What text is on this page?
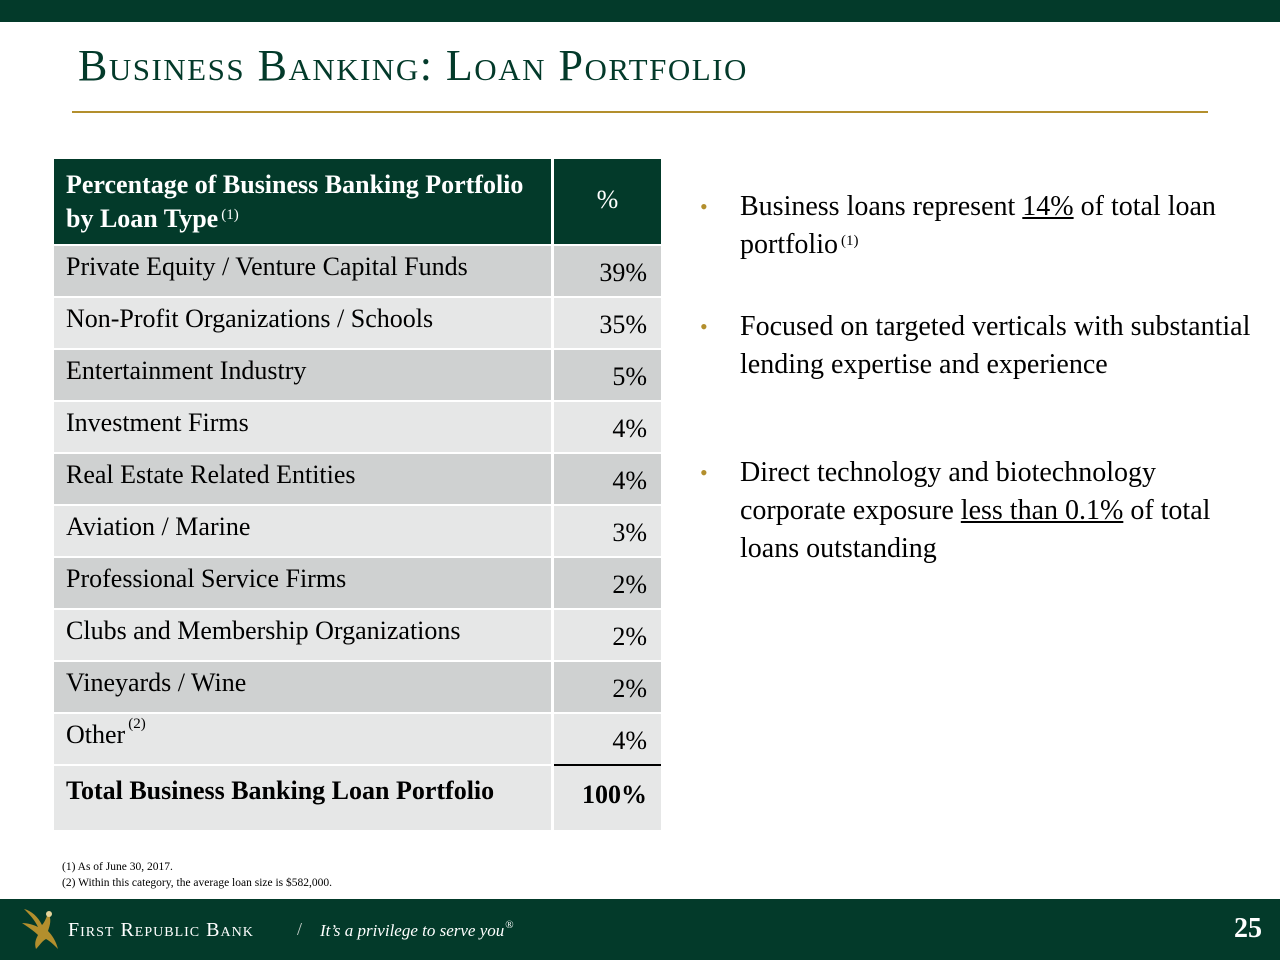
Business Banking: Loan Portfolio
Percentage of Business Banking Portfolio by Loan Type $^{(1)}$	%
Private Equity / Venture Capital Funds	39%
Non-Profit Organizations / Schools	35%
Entertainment Industry	5%
Investment Firms	4%
Real Estate Related Entities	4%
Aviation / Marine	3%
Professional Service Firms	2%
Clubs and Membership Organizations	2%
Vineyards / Wine	2%
Other $^{(2)}$	4%
Total Business Banking Loan Portfolio	100%
• Business loans represent 14% of total loan portfolio $^{(1)}$
• Focused on targeted verticals with substantial lending expertise and experience
• Direct technology and biotechnology corporate exposure less than 0.1% of total loans outstanding
(1) As of June 30, 2017.
(2) Within this category, the average loan size is $582,000.
First Republic Bank / It’s a privilege to serve you®	25
